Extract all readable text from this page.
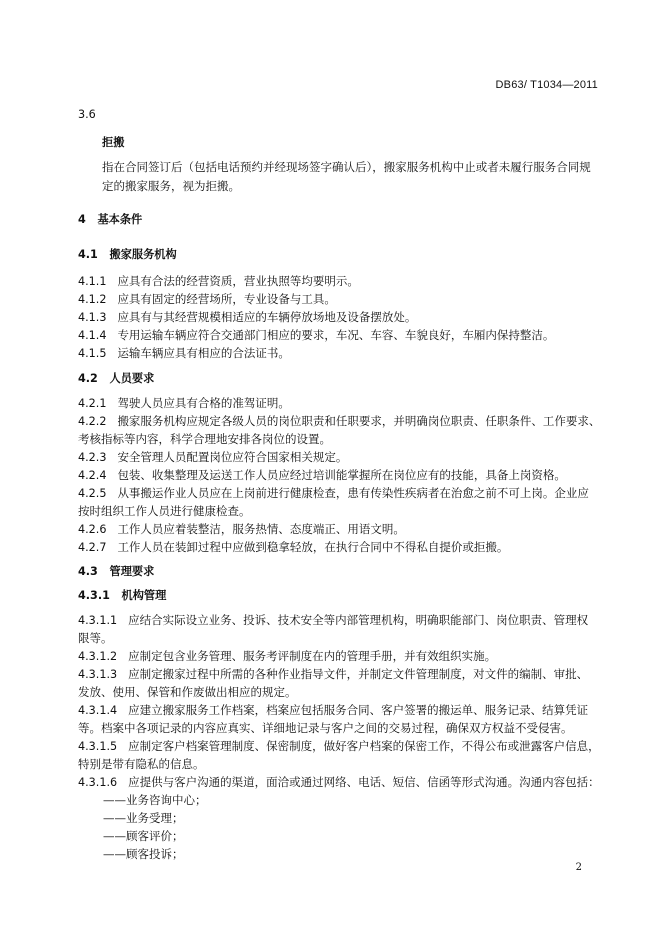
DB63/ T1034—2011
3.6
拒搬
指在合同签订后（包括电话预约并经现场签字确认后），搬家服务机构中止或者未履行服务合同规
定的搬家服务，视为拒搬。
4 基本条件
4.1 搬家服务机构
4.1.1 应具有合法的经营资质，营业执照等均要明示。
4.1.2 应具有固定的经营场所，专业设备与工具。
4.1.3 应具有与其经营规模相适应的车辆停放场地及设备摆放处。
4.1.4 专用运输车辆应符合交通部门相应的要求，车况、车容、车貌良好，车厢内保持整洁。
4.1.5 运输车辆应具有相应的合法证书。
4.2 人员要求
4.2.1 驾驶人员应具有合格的准驾证明。
4.2.2 搬家服务机构应规定各级人员的岗位职责和任职要求，并明确岗位职责、任职条件、工作要求、
考核指标等内容，科学合理地安排各岗位的设置。
4.2.3 安全管理人员配置岗位应符合国家相关规定。
4.2.4 包装、收集整理及运送工作人员应经过培训能掌握所在岗位应有的技能，具备上岗资格。
4.2.5 从事搬运作业人员应在上岗前进行健康检查，患有传染性疾病者在治愈之前不可上岗。企业应
按时组织工作人员进行健康检查。
4.2.6 工作人员应着装整洁，服务热情、态度端正、用语文明。
4.2.7 工作人员在装卸过程中应做到稳拿轻放，在执行合同中不得私自提价或拒搬。
4.3 管理要求
4.3.1 机构管理
4.3.1.1 应结合实际设立业务、投诉、技术安全等内部管理机构，明确职能部门、岗位职责、管理权
限等。
4.3.1.2 应制定包含业务管理、服务考评制度在内的管理手册，并有效组织实施。
4.3.1.3 应制定搬家过程中所需的各种作业指导文件，并制定文件管理制度，对文件的编制、审批、
发放、使用、保管和作废做出相应的规定。
4.3.1.4 应建立搬家服务工作档案，档案应包括服务合同、客户签署的搬运单、服务记录、结算凭证
等。档案中各项记录的内容应真实、详细地记录与客户之间的交易过程，确保双方权益不受侵害。
4.3.1.5 应制定客户档案管理制度、保密制度，做好客户档案的保密工作，不得公布或泄露客户信息，
特别是带有隐私的信息。
4.3.1.6 应提供与客户沟通的渠道，面洽或通过网络、电话、短信、信函等形式沟通。沟通内容包括：
——业务咨询中心；
——业务受理；
——顾客评价；
——顾客投诉；
2
